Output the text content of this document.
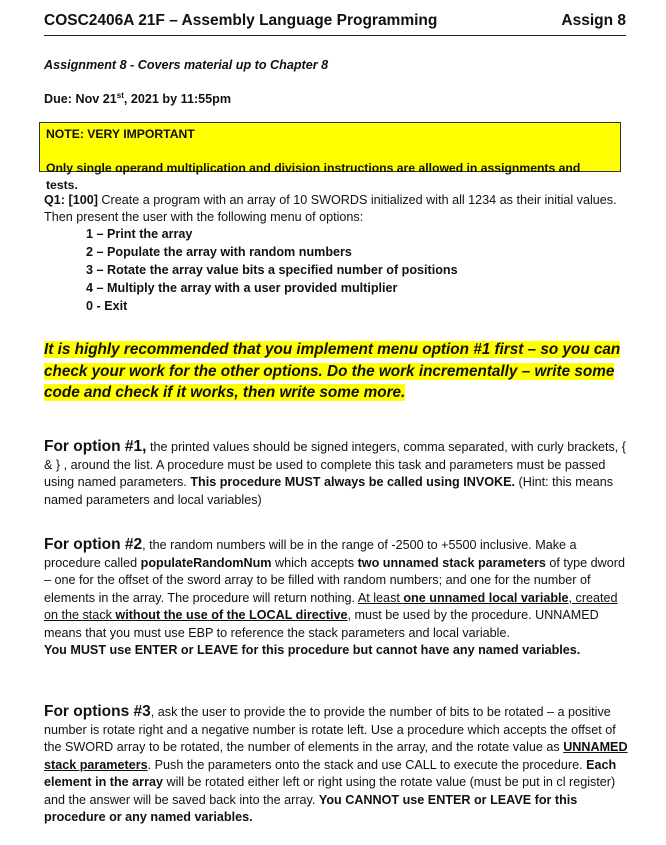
COSC2406A 21F – Assembly Language Programming	Assign 8
Assignment 8 - Covers material up to Chapter 8
Due: Nov 21st, 2021 by 11:55pm
NOTE: VERY IMPORTANT
Only single operand multiplication and division instructions are allowed in assignments and tests.
Q1: [100] Create a program with an array of 10 SWORDS initialized with all 1234 as their initial values. Then present the user with the following menu of options:
1 – Print the array
2 – Populate the array with random numbers
3 – Rotate the array value bits a specified number of positions
4 – Multiply the array with a user provided multiplier
0 - Exit
It is highly recommended that you implement menu option #1 first – so you can check your work for the other options. Do the work incrementally – write some code and check if it works, then write some more.
For option #1, the printed values should be signed integers, comma separated, with curly brackets, { & } , around the list. A procedure must be used to complete this task and parameters must be passed using named parameters. This procedure MUST always be called using INVOKE. (Hint: this means named parameters and local variables)
For option #2, the random numbers will be in the range of -2500 to +5500 inclusive. Make a procedure called populateRandomNum which accepts two unnamed stack parameters of type dword – one for the offset of the sword array to be filled with random numbers; and one for the number of elements in the array. The procedure will return nothing. At least one unnamed local variable, created on the stack without the use of the LOCAL directive, must be used by the procedure. UNNAMED means that you must use EBP to reference the stack parameters and local variable.
You MUST use ENTER or LEAVE for this procedure but cannot have any named variables.
For options #3, ask the user to provide the to provide the number of bits to be rotated – a positive number is rotate right and a negative number is rotate left. Use a procedure which accepts the offset of the SWORD array to be rotated, the number of elements in the array, and the rotate value as UNNAMED stack parameters. Push the parameters onto the stack and use CALL to execute the procedure. Each element in the array will be rotated either left or right using the rotate value (must be put in cl register) and the answer will be saved back into the array. You CANNOT use ENTER or LEAVE for this procedure or any named variables.
